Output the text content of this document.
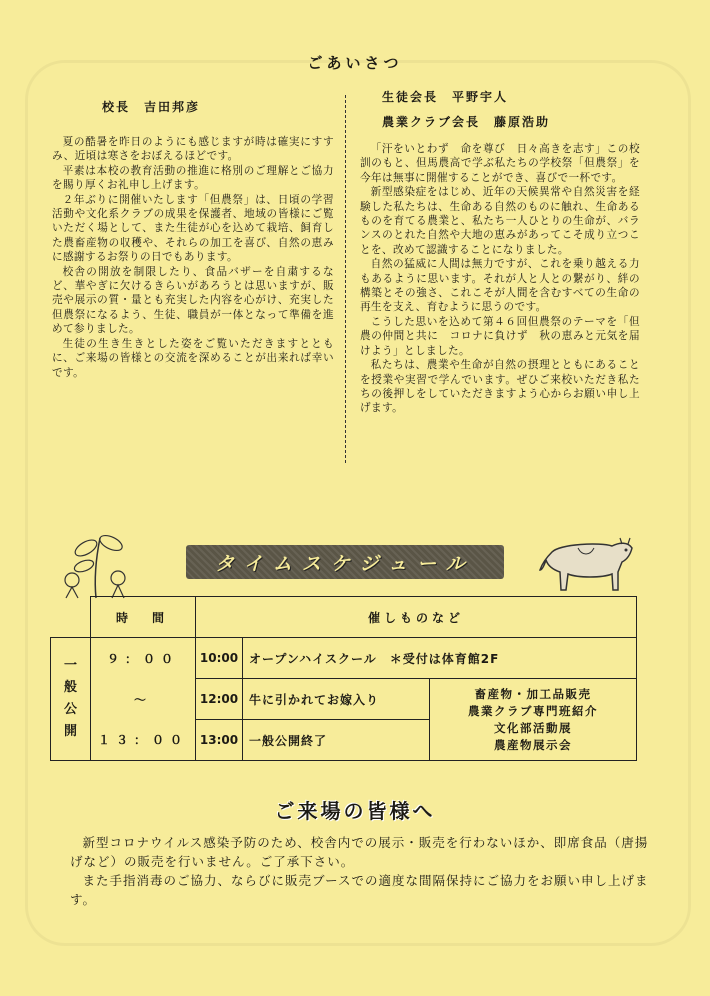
ごあいさつ
校長　吉田邦彦

夏の酷暑を昨日のようにも感じますが時は確実にすすみ、近頃は寒さをおぼえるほどです。

平素は本校の教育活動の推進に格別のご理解とご協力を賜り厚くお礼申し上げます。

２年ぶりに開催いたします「但農祭」は、日頃の学習活動や文化系クラブの成果を保護者、地域の皆様にご覧いただく場として、また生徒が心を込めて栽培、飼育した農畜産物の収穫や、それらの加工を喜び、自然の恵みに感謝するお祭りの日でもあります。

校舎の開放を制限したり、食品バザーを自粛するなど、華やぎに欠けるきらいがあろうとは思いますが、販売や展示の質・量とも充実した内容を心がけ、充実した但農祭になるよう、生徒、職員が一体となって準備を進めて参りました。

生徒の生き生きとした姿をご覧いただきますとともに、ご来場の皆様との交流を深めることが出来れば幸いです。

生徒会長　平野宇人
農業クラブ会長　藤原浩助

「汗をいとわず　命を尊び　日々高きを志す」この校訓のもと、但馬農高で学ぶ私たちの学校祭「但農祭」を今年は無事に開催することができ、喜びで一杯です。

新型感染症をはじめ、近年の天候異常や自然災害を経験した私たちは、生命ある自然のものに触れ、生命あるものを育てる農業と、私たち一人ひとりの生命が、バランスのとれた自然や大地の恵みがあってこそ成り立つことを、改めて認識することになりました。

自然の猛威に人間は無力ですが、これを乗り越える力もあるように思います。それが人と人との繋がり、絆の構築とその強さ、これこそが人間を含むすべての生命の再生を支え、育むように思うのです。

こうした思いを込めて第４６回但農祭のテーマを「但農の仲間と共に　コロナに負けず　秋の恵みと元気を届けよう」としました。

私たちは、農業や生命が自然の摂理とともにあることを授業や実習で学んでいます。ぜひご来校いただき私たちの後押しをしていただきますよう心からお願い申し上げます。

タイムスケジュール
	時　間	催しものなど		

一
般
公
開	９：００	10:00	オープンハイスクール　＊受付は体育館2F	
	～	12:00	牛に引かれてお嫁入り	畜産物・加工品販売
農業クラブ専門班紹介
文化部活動展
農産物展示会

	１３：００	13:00	一般公開終了	
ご来場の皆様へ

新型コロナウイルス感染予防のため、校舎内での展示・販売を行わないほか、即席食品（唐揚げなど）の販売を行いません。ご了承下さい。

また手指消毒のご協力、ならびに販売ブースでの適度な間隔保持にご協力をお願い申し上げます。
